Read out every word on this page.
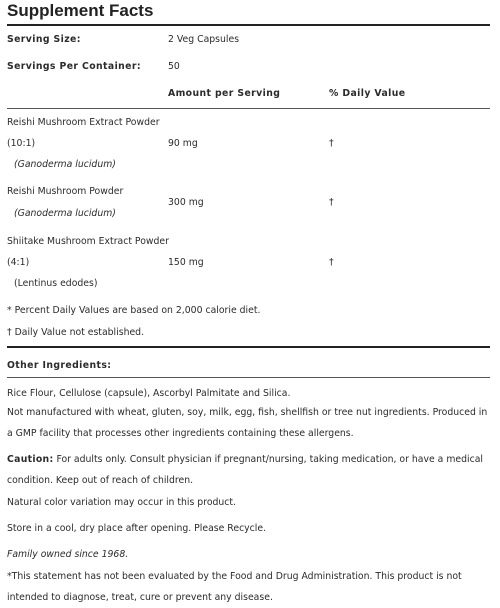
Supplement Facts
Serving Size:	2 Veg Capsules
Servings Per Container:	50
Amount per Serving	% Daily Value
Reishi Mushroom Extract Powder
(10:1)	90 mg	†
(Ganoderma lucidum)
Reishi Mushroom Powder
300 mg	†
(Ganoderma lucidum)
Shiitake Mushroom Extract Powder
(4:1)	150 mg	†
(Lentinus edodes)
* Percent Daily Values are based on 2,000 calorie diet.
† Daily Value not established.
Other Ingredients:
Rice Flour, Cellulose (capsule), Ascorbyl Palmitate and Silica.
Not manufactured with wheat, gluten, soy, milk, egg, fish, shellfish or tree nut ingredients. Produced in a GMP facility that processes other ingredients containing these allergens.
Caution: For adults only. Consult physician if pregnant/nursing, taking medication, or have a medical condition. Keep out of reach of children.
Natural color variation may occur in this product.
Store in a cool, dry place after opening. Please Recycle.
Family owned since 1968.
*This statement has not been evaluated by the Food and Drug Administration. This product is not intended to diagnose, treat, cure or prevent any disease.
